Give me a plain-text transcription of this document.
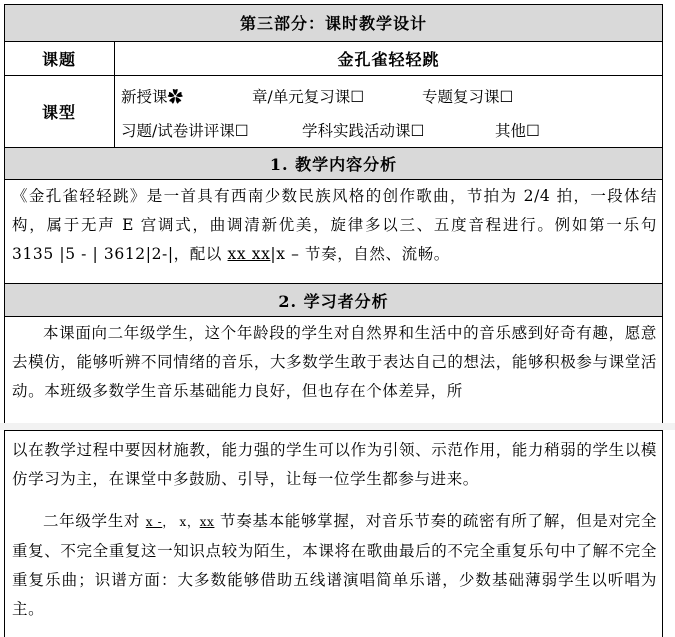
第三部分：课时教学设计
课题	金孔雀轻轻跳
课型
新授课✿	章/单元复习课☐	专题复习课☐
习题/试卷讲评课☐	学科实践活动课☐	其他☐
1. 教学内容分析
《金孔雀轻轻跳》是一首具有西南少数民族风格的创作歌曲，节拍为 2/4 拍，一段体结构，属于无声 E 宫调式，曲调清新优美，旋律多以三、五度音程进行。例如第一乐句 3135 |5 - | 3612|2-|，配以 xx xx|x – 节奏，自然、流畅。
2. 学习者分析
本课面向二年级学生，这个年龄段的学生对自然界和生活中的音乐感到好奇有趣，愿意去模仿，能够听辨不同情绪的音乐，大多数学生敢于表达自己的想法，能够积极参与课堂活动。本班级多数学生音乐基础能力良好，但也存在个体差异，所
以在教学过程中要因材施教，能力强的学生可以作为引领、示范作用，能力稍弱的学生以模仿学习为主，在课堂中多鼓励、引导，让每一位学生都参与进来。
二年级学生对 x -， x，xx 节奏基本能够掌握，对音乐节奏的疏密有所了解，但是对完全重复、不完全重复这一知识点较为陌生，本课将在歌曲最后的不完全重复乐句中了解不完全重复乐曲；识谱方面：大多数能够借助五线谱演唱简单乐谱，少数基础薄弱学生以听唱为主。
